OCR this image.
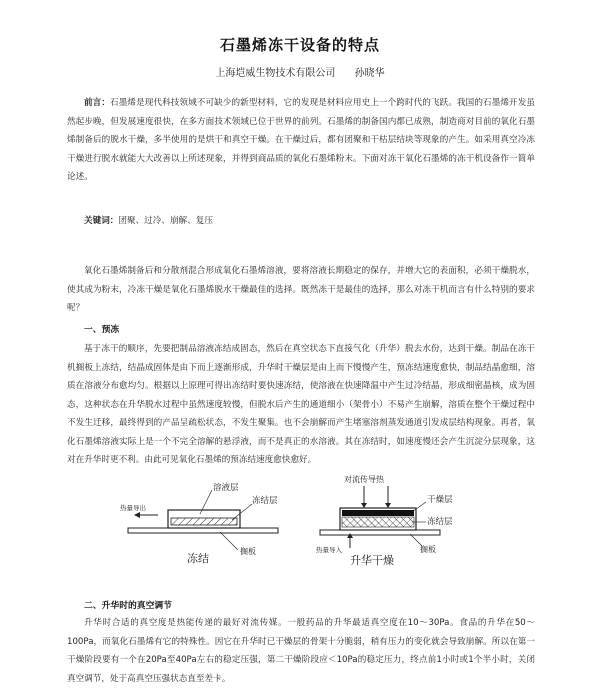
石墨烯冻干设备的特点
上海垲威生物技术有限公司 孙晓华
前言：石墨烯是现代科技领域不可缺少的新型材料，它的发现是材料应用史上一个跨时代的飞跃。我国的石墨烯开发虽然起步晚，但发展速度很快，在多方面技术领域已位于世界的前列。石墨烯的制备国内都已成熟，制造商对目前的氧化石墨烯制备后的脱水干燥，多半使用的是烘干和真空干燥。在干燥过后，都有团聚和干枯层结块等现象的产生。如采用真空冷冻干燥进行脱水就能大大改善以上所述现象，并得到商品质的氧化石墨烯粉末。下面对冻干氧化石墨烯的冻干机设备作一简单论述。
关键词：团聚、过冷、崩解、复压
氧化石墨烯制备后和分散剂混合形成氧化石墨烯溶液，要将溶液长期稳定的保存，并增大它的表面积，必须干燥脱水，使其成为粉末，冷冻干燥是氧化石墨烯脱水干燥最佳的选择。既然冻干是最佳的选择，那么对冻干机而言有什么特别的要求呢？
一、预冻
基于冻干的顺序，先要把制品溶液冻结成固态，然后在真空状态下直接气化（升华）脱去水份，达到干燥。制品在冻干机搁板上冻结，结晶成固体是由下而上逐渐形成，升华时干燥层是由上而下慢慢产生，预冻结速度愈快，制品结晶愈细，溶质在溶液分布愈均匀。根据以上原理可得出冻结时要快速冻结，使溶液在快速降温中产生过冷结晶，形成细密晶核，成为固态，这种状态在升华脱水过程中虽然速度较慢，但脱水后产生的通道细小（架骨小）不易产生崩解，溶质在整个干燥过程中不发生迁移，最终得到的产品呈疏松状态，不发生聚集。也不会崩解而产生堵塞溶剂蒸发通道引发成层结构现象。再者，氧化石墨烯溶液实际上是一个不完全溶解的悬浮液，而不是真正的水溶液。其在冻结时，如速度慢还会产生沉淀分层现象，这对在升华时更不利。由此可见氧化石墨烯的预冻结速度愈快愈好。
溶液层
冻结层
热量导出
搁板
冻结
对流传导热
干燥层
冻结层
热量导入	搁板
升华干燥
二、升华时的真空调节
升华时合适的真空度是热能传递的最好对流传媒。一般药品的升华最适真空度在10～30Pa。食品的升华在50～100Pa，而氧化石墨烯有它的特殊性。因它在升华时已干燥层的骨架十分脆弱，稍有压力的变化就会导致崩解。所以在第一干燥阶段要有一个在20Pa至40Pa左右的稳定压强，第二干燥阶段应＜10Pa的稳定压力，终点前1小时或1个半小时，关闭真空调节，处于高真空压强状态直至差卡。
